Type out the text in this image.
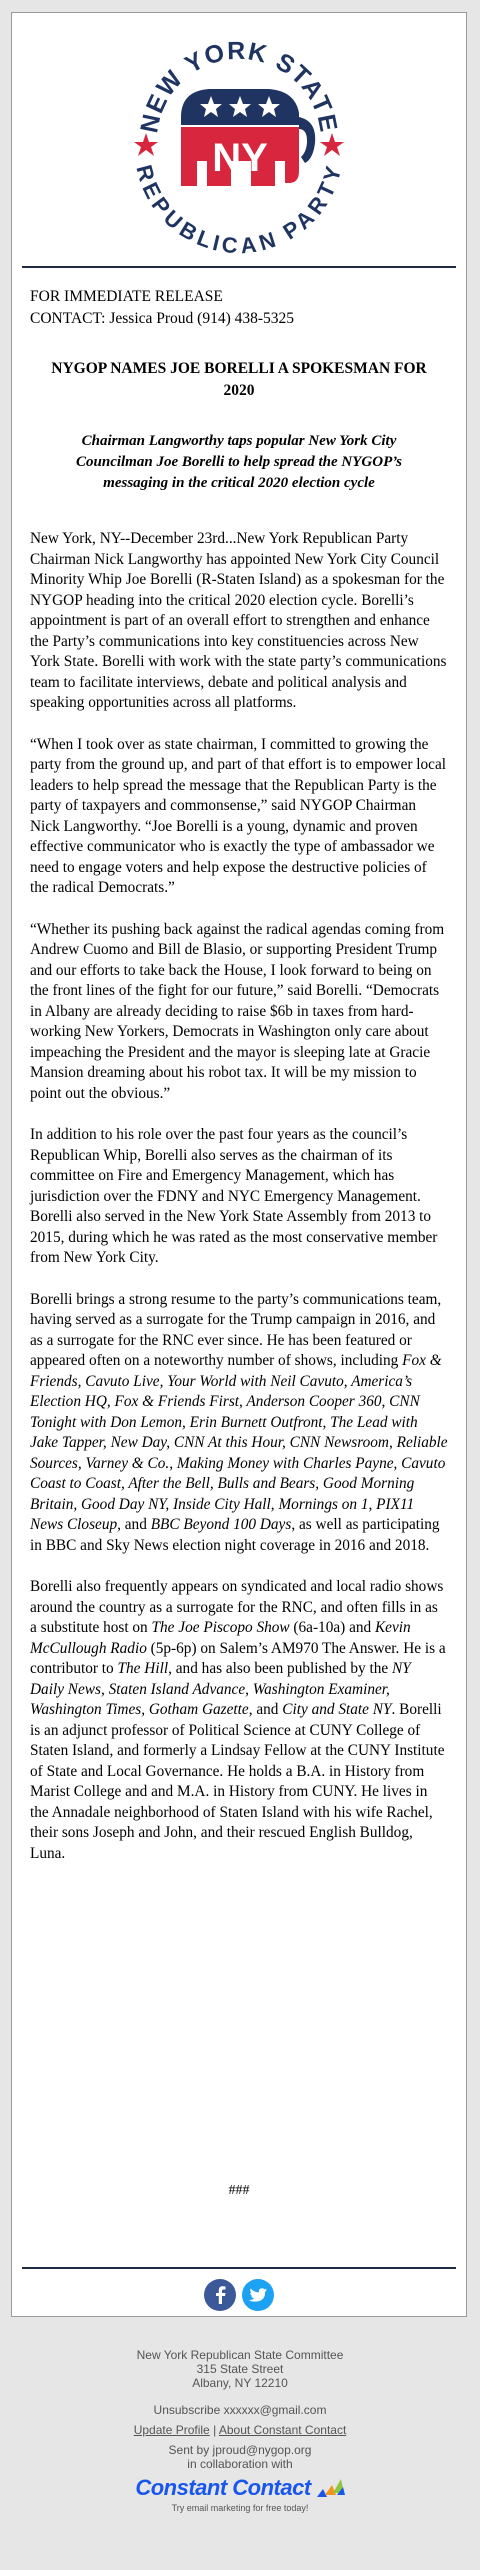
NEW YORK STATE
REPUBLICAN PARTY
NY
FOR IMMEDIATE RELEASE
CONTACT: Jessica Proud (914) 438-5325
NYGOP NAMES JOE BORELLI A SPOKESMAN FOR 2020
Chairman Langworthy taps popular New York City Councilman Joe Borelli to help spread the NYGOP’s messaging in the critical 2020 election cycle

New York, NY--December 23rd...New York Republican Party Chairman Nick Langworthy has appointed New York City Council Minority Whip Joe Borelli (R-Staten Island) as a spokesman for the NYGOP heading into the critical 2020 election cycle. Borelli’s appointment is part of an overall effort to strengthen and enhance the Party’s communications into key constituencies across New York State. Borelli with work with the state party’s communications team to facilitate interviews, debate and political analysis and speaking opportunities across all platforms.

“When I took over as state chairman, I committed to growing the party from the ground up, and part of that effort is to empower local leaders to help spread the message that the Republican Party is the party of taxpayers and commonsense,” said NYGOP Chairman Nick Langworthy. “Joe Borelli is a young, dynamic and proven effective communicator who is exactly the type of ambassador we need to engage voters and help expose the destructive policies of the radical Democrats.”

“Whether its pushing back against the radical agendas coming from Andrew Cuomo and Bill de Blasio, or supporting President Trump and our efforts to take back the House, I look forward to being on the front lines of the fight for our future,” said Borelli. “Democrats in Albany are already deciding to raise $6b in taxes from hard-working New Yorkers, Democrats in Washington only care about impeaching the President and the mayor is sleeping late at Gracie Mansion dreaming about his robot tax. It will be my mission to point out the obvious.”

In addition to his role over the past four years as the council’s Republican Whip, Borelli also serves as the chairman of its committee on Fire and Emergency Management, which has jurisdiction over the FDNY and NYC Emergency Management. Borelli also served in the New York State Assembly from 2013 to 2015, during which he was rated as the most conservative member from New York City.

Borelli brings a strong resume to the party’s communications team, having served as a surrogate for the Trump campaign in 2016, and as a surrogate for the RNC ever since. He has been featured or appeared often on a noteworthy number of shows, including Fox & Friends, Cavuto Live, Your World with Neil Cavuto, America’s Election HQ, Fox & Friends First, Anderson Cooper 360, CNN Tonight with Don Lemon, Erin Burnett Outfront, The Lead with Jake Tapper, New Day, CNN At this Hour, CNN Newsroom, Reliable Sources, Varney & Co., Making Money with Charles Payne, Cavuto Coast to Coast, After the Bell, Bulls and Bears, Good Morning Britain, Good Day NY, Inside City Hall, Mornings on 1, PIX11 News Closeup, and BBC Beyond 100 Days, as well as participating in BBC and Sky News election night coverage in 2016 and 2018.

Borelli also frequently appears on syndicated and local radio shows around the country as a surrogate for the RNC, and often fills in as a substitute host on The Joe Piscopo Show (6a-10a) and Kevin McCullough Radio (5p-6p) on Salem’s AM970 The Answer. He is a contributor to The Hill, and has also been published by the NY Daily News, Staten Island Advance, Washington Examiner, Washington Times, Gotham Gazette, and City and State NY. Borelli is an adjunct professor of Political Science at CUNY College of Staten Island, and formerly a Lindsay Fellow at the CUNY Institute of State and Local Governance. He holds a B.A. in History from Marist College and and M.A. in History from CUNY. He lives in the Annadale neighborhood of Staten Island with his wife Rachel, their sons Joseph and John, and their rescued English Bulldog, Luna.

###
New York Republican State Committee
315 State Street
Albany, NY 12210
Unsubscribe xxxxxx@gmail.com
Update Profile | About Constant Contact
Sent by jproud@nygop.org
in collaboration with
Constant Contact
Try email marketing for free today!
